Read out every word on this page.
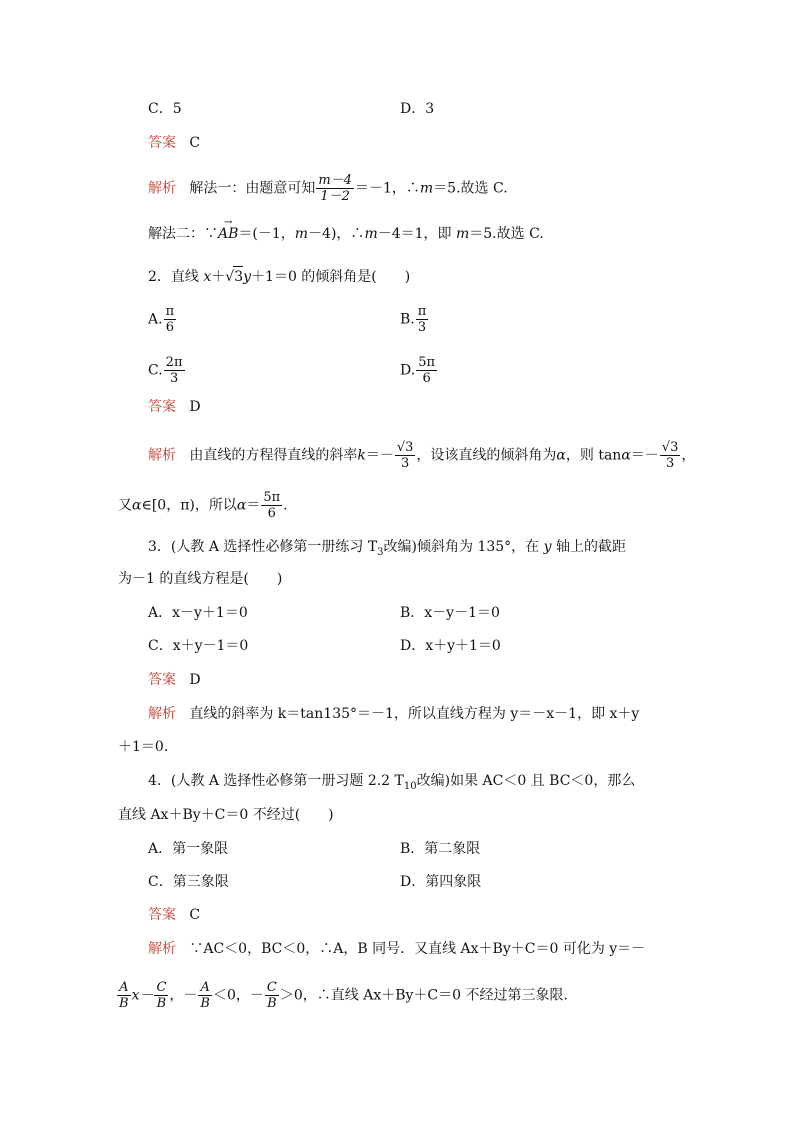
C．5	D．3
答案 C
解析 解法一：由题意可知 $\frac{m-4}{1-2} =-1$，∴m＝5.故选 C.
解法二：∵→ AB＝(－1，m－4)，∴m－4＝1，即 m＝5.故选 C.
2．直线 x＋√3y＋1＝0 的倾斜角是(　　)
A. $\frac{\pi}{6}$	B. $\frac{\pi}{3}$
C. $\frac{2\pi}{3}$	D. $\frac{5\pi}{6}$
答案 D
解析 由直线的方程得直线的斜率$k=- \frac{√3}{3}$ ，设该直线的倾斜角为α，则 $\tan\alpha=- \frac{√3}{3}$ ，
又α∈[0，π)，所以$\alpha= \frac{5\pi}{6}$ .
3．(人教 A 选择性必修第一册练习 $T_3$改编)倾斜角为 135°，在 y 轴上的截距
为－1 的直线方程是(　　)
A．x－y＋1＝0	B．x－y－1＝0
C．x＋y－1＝0	D．x＋y＋1＝0
答案 D
解析 直线的斜率为 k＝tan135°＝－1，所以直线方程为 y＝－x－1，即 x＋y
＋1＝0.
4．(人教 A 选择性必修第一册习题 2.2 $T_{10}$改编)如果 AC＜0 且 BC＜0，那么
直线 Ax＋By＋C＝0 不经过(　　)
A．第一象限	B．第二象限
C．第三象限	D．第四象限
答案 C
解析 ∵AC＜0，BC＜0，∴A，B 同号．又直线 Ax＋By＋C＝0 可化为 y＝－
$\frac{A}{B} x- \frac{C}{B}$ ，－ $\frac{A}{B} <0$，－ $\frac{C}{B} >0$，∴直线 Ax＋By＋C＝0 不经过第三象限.
